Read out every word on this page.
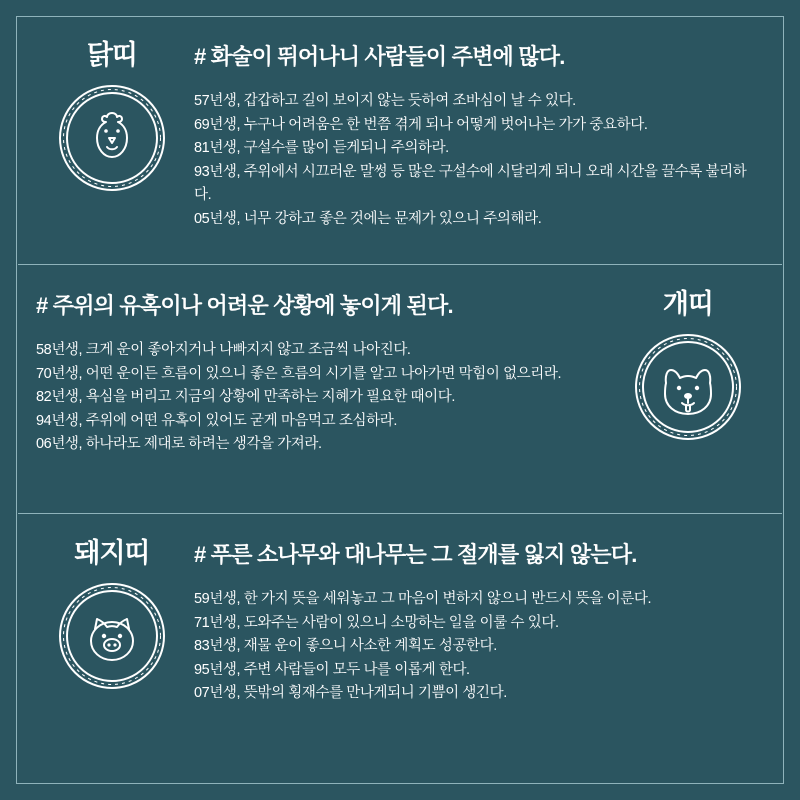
닭띠	# 화술이 뛰어나니 사람들이 주변에 많다.
57년생, 갑갑하고 길이 보이지 않는 듯하여 조바심이 날 수 있다.
69년생, 누구나 어려움은 한 번쯤 겪게 되나 어떻게 벗어나는 가가 중요하다.
81년생, 구설수를 많이 듣게되니 주의하라.
93년생, 주위에서 시끄러운 말썽 등 많은 구설수에 시달리게 되니 오래 시간을 끌수록 불리하다.
05년생, 너무 강하고 좋은 것에는 문제가 있으니 주의해라.
# 주위의 유혹이나 어려운 상황에 놓이게 된다.
58년생, 크게 운이 좋아지거나 나빠지지 않고 조금씩 나아진다.
70년생, 어떤 운이든 흐름이 있으니 좋은 흐름의 시기를 알고 나아가면 막힘이 없으리라.
82년생, 욕심을 버리고 지금의 상황에 만족하는 지혜가 필요한 때이다.
94년생, 주위에 어떤 유혹이 있어도 굳게 마음먹고 조심하라.
06년생, 하나라도 제대로 하려는 생각을 가져라.
개띠
돼지띠 # 푸른 소나무와 대나무는 그 절개를 잃지 않는다.
59년생, 한 가지 뜻을 세워놓고 그 마음이 변하지 않으니 반드시 뜻을 이룬다.
71년생, 도와주는 사람이 있으니 소망하는 일을 이룰 수 있다.
83년생, 재물 운이 좋으니 사소한 계획도 성공한다.
95년생, 주변 사람들이 모두 나를 이롭게 한다.
07년생, 뜻밖의 횡재수를 만나게되니 기쁨이 생긴다.
